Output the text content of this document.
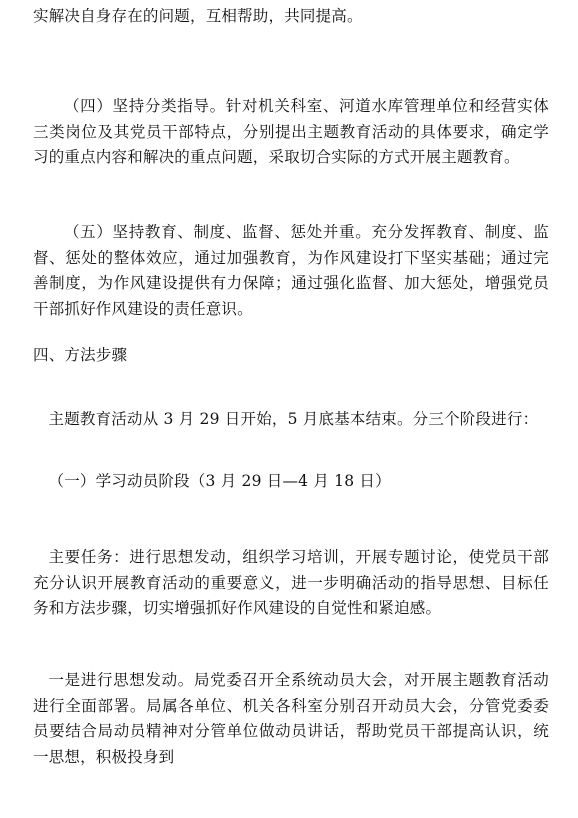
实解决自身存在的问题，互相帮助，共同提高。

（四）坚持分类指导。针对机关科室、河道水库管理单位和经营实体三类岗位及其党员干部特点，分别提出主题教育活动的具体要求，确定学习的重点内容和解决的重点问题，采取切合实际的方式开展主题教育。

（五）坚持教育、制度、监督、惩处并重。充分发挥教育、制度、监督、惩处的整体效应，通过加强教育，为作风建设打下坚实基础；通过完善制度，为作风建设提供有力保障；通过强化监督、加大惩处，增强党员干部抓好作风建设的责任意识。

四、方法步骤

主题教育活动从 3 月 29 日开始，5 月底基本结束。分三个阶段进行：

（一）学习动员阶段（3 月 29 日—4 月 18 日）

主要任务：进行思想发动，组织学习培训，开展专题讨论，使党员干部充分认识开展教育活动的重要意义，进一步明确活动的指导思想、目标任务和方法步骤，切实增强抓好作风建设的自觉性和紧迫感。

一是进行思想发动。局党委召开全系统动员大会，对开展主题教育活动进行全面部署。局属各单位、机关各科室分别召开动员大会，分管党委委员要结合局动员精神对分管单位做动员讲话，帮助党员干部提高认识，统一思想，积极投身到
